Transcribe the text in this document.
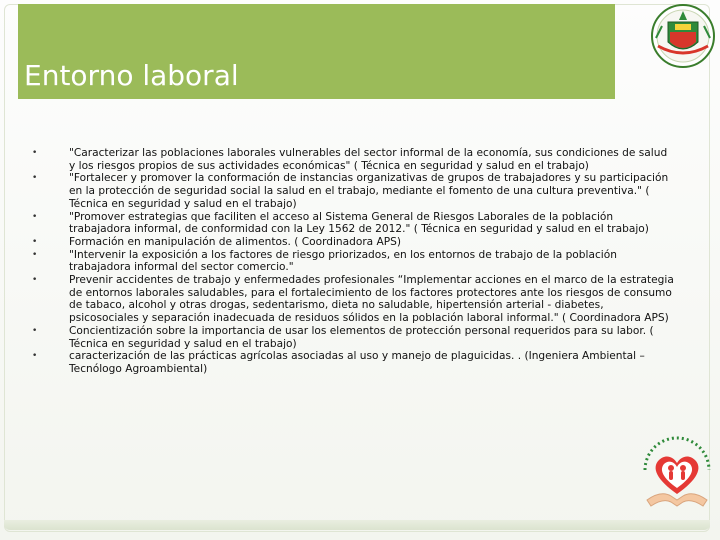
Entorno laboral
•	"Caracterizar las poblaciones laborales vulnerables del sector informal de la economía, sus condiciones de salud y los riesgos propios de sus actividades económicas" ( Técnica en seguridad y salud en el trabajo)
•	"Fortalecer y promover la conformación de instancias organizativas de grupos de trabajadores y su participación en la protección de seguridad social la salud en el trabajo, mediante el fomento de una cultura preventiva." ( Técnica en seguridad y salud en el trabajo)
•	"Promover estrategias que faciliten el acceso al Sistema General de Riesgos Laborales de la población trabajadora informal, de conformidad con la Ley 1562 de 2012." ( Técnica en seguridad y salud en el trabajo)
•	Formación en manipulación de alimentos. ( Coordinadora APS)
•	"Intervenir la exposición a los factores de riesgo priorizados, en los entornos de trabajo de la población trabajadora informal del sector comercio."
•	Prevenir accidentes de trabajo y enfermedades profesionales “Implementar acciones en el marco de la estrategia de entornos laborales saludables, para el fortalecimiento de los factores protectores ante los riesgos de consumo de tabaco, alcohol y otras drogas, sedentarismo, dieta no saludable, hipertensión arterial - diabetes, psicosociales y separación inadecuada de residuos sólidos en la población laboral informal." ( Coordinadora APS)
•	Concientización sobre la importancia de usar los elementos de protección personal requeridos para su labor. ( Técnica en seguridad y salud en el trabajo)
•	caracterización de las prácticas agrícolas asociadas al uso y manejo de plaguicidas. . (Ingeniera Ambiental –Tecnólogo Agroambiental)
